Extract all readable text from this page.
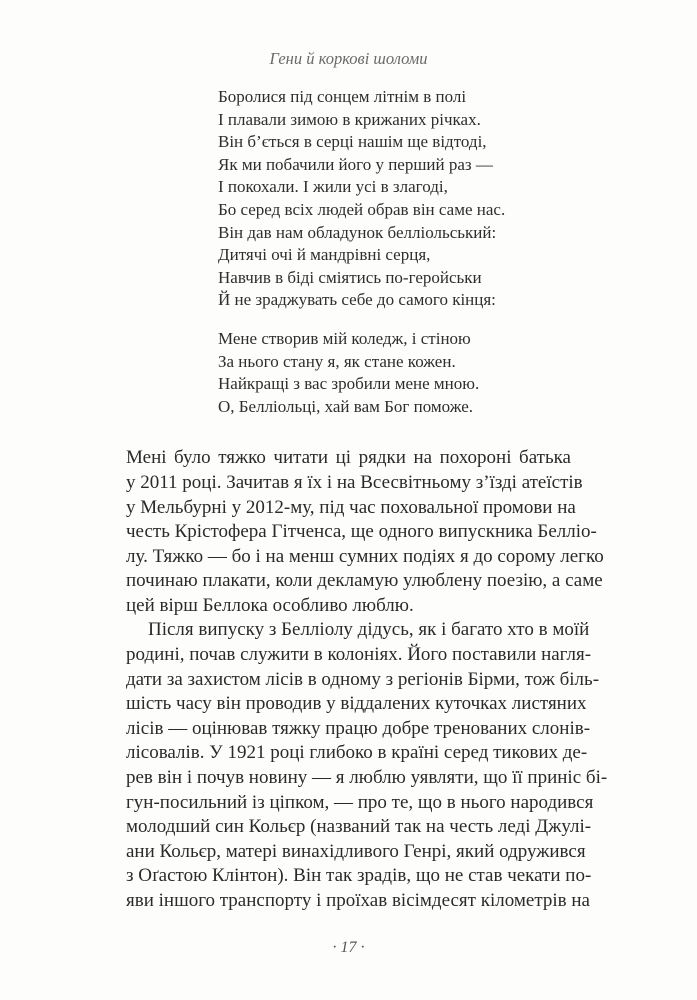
Гени й коркові шоломи
Боролися під сонцем літнім в полі
І плавали зимою в крижаних річках.
Він б’ється в серці нашім ще відтоді,
Як ми побачили його у перший раз —
І покохали. І жили усі в злагоді,
Бо серед всіх людей обрав він саме нас.
Він дав нам обладунок белліольський:
Дитячі очі й мандрівні серця,
Навчив в біді сміятись по-геройськи
Й не зраджувать себе до самого кінця:
Мене створив мій коледж, і стіною
За нього стану я, як стане кожен.
Найкращі з вас зробили мене мною.
О, Белліольці, хай вам Бог поможе.
Мені було тяжко читати ці рядки на похороні батька
у 2011 році. Зачитав я їх і на Всесвітньому з’їзді атеїстів
у Мельбурні у 2012-му, під час поховальної промови на
честь Крістофера Гітченса, ще одного випускника Белліо-
лу. Тяжко — бо і на менш сумних подіях я до сорому легко
починаю плакати, коли декламую улюблену поезію, а саме
цей вірш Беллока особливо люблю.
Після випуску з Белліолу дідусь, як і багато хто в моїй
родині, почав служити в колоніях. Його поставили нагля-
дати за захистом лісів в одному з регіонів Бірми, тож біль-
шість часу він проводив у віддалених куточках листяних
лісів — оцінював тяжку працю добре тренованих слонів-
лісовалів. У 1921 році глибоко в країні серед тикових де-
рев він і почув новину — я люблю уявляти, що її приніс бі-
гун-посильний із ціпком, — про те, що в нього народився
молодший син Кольєр (названий так на честь леді Джулі-
ани Кольєр, матері винахідливого Генрі, який одружився
з Оґастою Клінтон). Він так зрадів, що не став чекати по-
яви іншого транспорту і проїхав вісімдесят кілометрів на
· 17 ·
